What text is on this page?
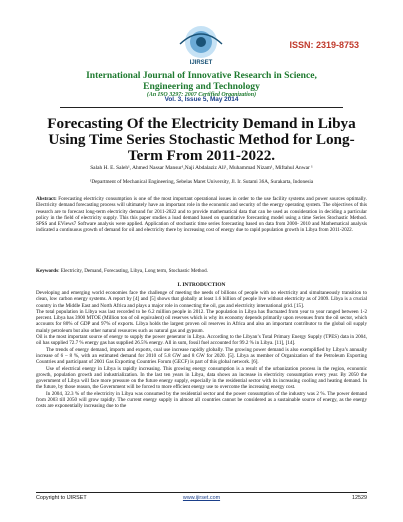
ISSN: 2319-8753
IJIRSET
International Journal of Innovative Research in Science,
Engineering and Technology
(An ISO 3297: 2007 Certified Organization)
Vol. 3, Issue 5, May 2014
Forecasting Of the Electricity Demand in Libya Using Time Series Stochastic Method for Long-Term From 2011-2022.
Salah H. E. Saleh¹, Ahmed Nassar Mansur¹,Naji Abdalaziz Ali¹, Muhammad Nizam¹, Miftahul Anwar ¹
¹Department of Mechanical Engineering, Sebelas Maret University, Jl. Ir. Sutami 36A, Surakarta, Indonesia
Abstract: Forecasting electricity consumption is one of the most important operational issues in order to the use facility systems and power sources optimally. Electricity demand forecasting process will ultimately have an important role in the economic and security of the energy operating system. The objectives of this research are to forecast long-term electricity demand for 2011-2022 and to provide mathematical data that can be used as consideration in deciding a particular policy in the field of electricity supply. This this paper studies a load demand based on quantitative forecasting model using a time Series Stochastic Method. SPSS and EViews7 Software analysis were applied. Application of stochastic time series forecasting based on data from 2000- 2010 and Mathematical analysis indicated a continuous growth of demand for oil and electricity there by increasing cost of energy due to rapid population growth in Libya from 2011-2022.
Keywords: Electricity, Demand, Forecasting, Libya, Long term, Stochastic Method.
I. INTRODUCTION

Developing and emerging world economies face the challenge of meeting the needs of billions of people with no electricity and simultaneously transition to clean, low carbon energy systems. A report by [4] and [5] shows that globally at least 1.6 billion of people live without electricity as of 2009. Libya is a crucial country in the Middle East and North Africa and plays a major role in connecting the oil, gas and electricity international grid. [15].

The total population in Libya was last recorded to be 6.2 million people in 2012. The population in Libya has fluctuated from year to year ranged between 1-2 percent. Libya has 3900 MTOE (Million ton of oil equivalent) oil reserves which is why its economy depends primarily upon revenues from the oil sector, which accounts for 80% of GDP and 97% of exports. Libya holds the largest proven oil reserves in Africa and also an important contributor to the global oil supply mainly petroleum but also other natural resources such as natural gas and gypsum.

Oil is the most important source of energy to supply the power generator in Libya. According to the Libyan’s Total Primary Energy Supply (TPES) data in 2004, oil has supplied 72.7 % energy gas has supplied 26.5% energy. All in sum, fossil fuel accounted for 99.2 % in Libya. [11], [14].

The trends of energy demand, imports and exports, coal use increase rapidly globally. The growing power demand is also exemplified by Libya’s annually increase of 6 – 8 %, with an estimated demand for 2010 of 5.8 GW and 8 GW for 2020. [5]. Libya as member of Organization of the Petroleum Exporting Countries and participant of 2001 Gas Exporting Countries Forum (GECF) is part of this global network. [6].

Use of electrical energy in Libya is rapidly increasing. This growing energy consumption is a result of the urbanization process in the region, economic growth, population growth and industrialization. In the last ten years in Libya, data shows an increase in electricity consumption every year. By 2050 the government of Libya will face more pressure on the future energy supply, especially in the residential sector with its increasing cooling and heating demand. In the future, by those reason, the Government will be forced to more efficient energy use to overcome the increasing energy cost.

In 2004, 32.3 % of the electricity in Libya was consumed by the residential sector and the power consumption of the industry was 2 %. The power demand from 2003 till 2050 will grow rapidly. The current energy supply in almost all countries cannot be considered as a sustainable source of energy, as the energy costs are exponentially increasing due to the

Copyright to IJIRSET	www.ijirset.com	12529
